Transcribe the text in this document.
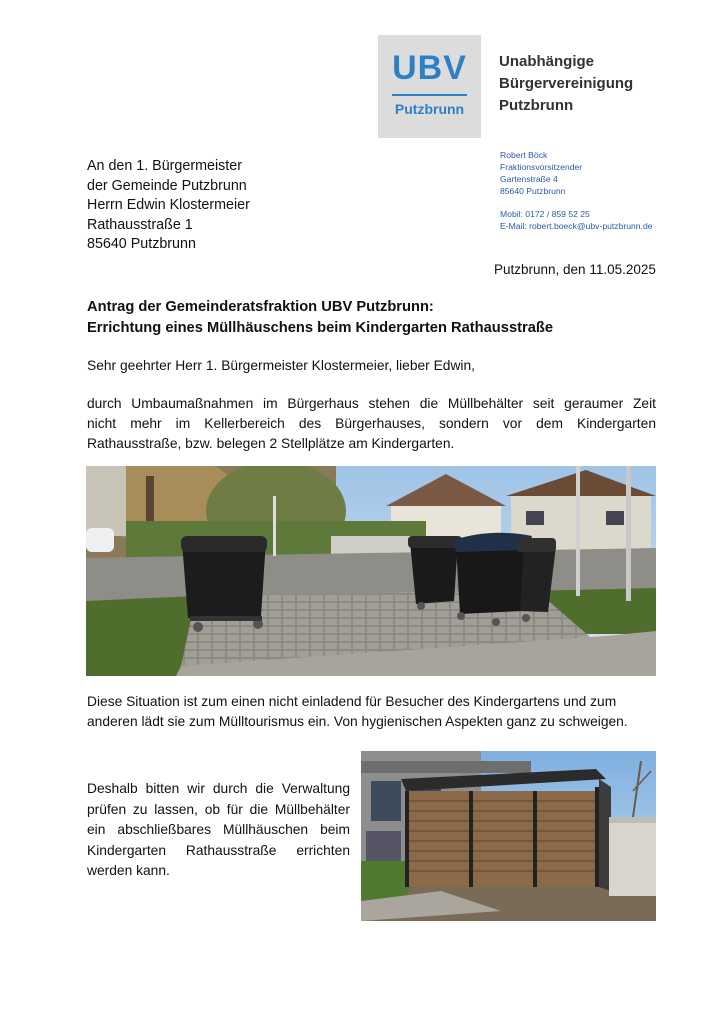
UBV
Putzbrunn
Unabhängige
Bürgervereinigung
Putzbrunn
Robert Böck
Fraktionsvorsitzender
Gartenstraße 4
85640 Putzbrunn
Mobil: 0172 / 859 52 25
E-Mail: robert.boeck@ubv-putzbrunn.de
An den 1. Bürgermeister
der Gemeinde Putzbrunn
Herrn Edwin Klostermeier
Rathausstraße 1
85640 Putzbrunn
Putzbrunn, den 11.05.2025
Antrag der Gemeinderatsfraktion UBV Putzbrunn:
Errichtung eines Müllhäuschens beim Kindergarten Rathausstraße
Sehr geehrter Herr 1. Bürgermeister Klostermeier, lieber Edwin,
durch Umbaumaßnahmen im Bürgerhaus stehen die Müllbehälter seit geraumer Zeit
nicht mehr im Kellerbereich des Bürgerhauses, sondern vor dem Kindergarten
Rathausstraße, bzw. belegen 2 Stellplätze am Kindergarten.
Diese Situation ist zum einen nicht einladend für Besucher des Kindergartens und zum
anderen lädt sie zum Mülltourismus ein. Von hygienischen Aspekten ganz zu schweigen.
Deshalb bitten wir durch die Verwaltung
prüfen zu lassen, ob für die Müllbehälter
ein abschließbares Müllhäuschen beim
Kindergarten Rathausstraße errichten
werden kann.
